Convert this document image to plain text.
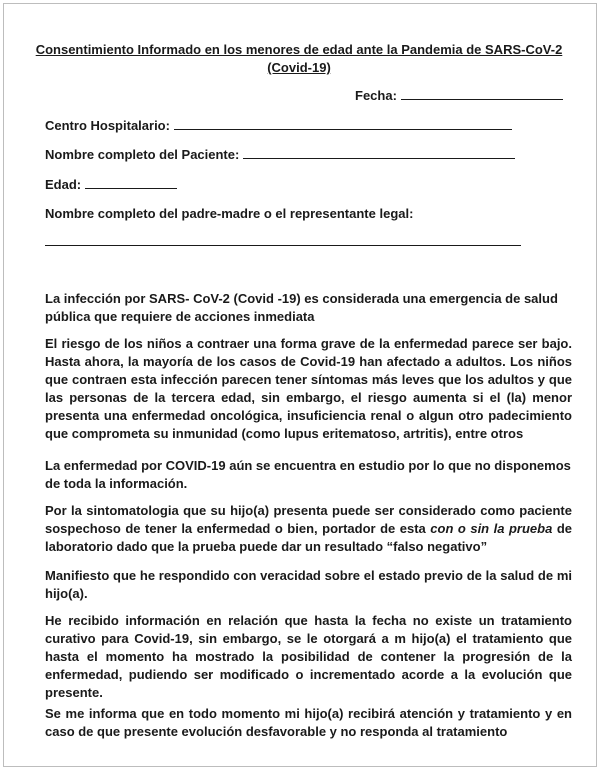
Consentimiento Informado en los menores de edad ante la Pandemia de SARS-CoV-2 (Covid-19)
Fecha:
Centro Hospitalario:
Nombre completo del Paciente:
Edad:
Nombre completo del padre-madre o el representante legal:

La infección por SARS- CoV-2 (Covid -19) es considerada una emergencia de salud pública que requiere de acciones inmediata

El riesgo de los niños a contraer una forma grave de la enfermedad parece ser bajo. Hasta ahora, la mayoría de los casos de Covid-19 han afectado a adultos. Los niños que contraen esta infección parecen tener síntomas más leves que los adultos y que las personas de la tercera edad, sin embargo, el riesgo aumenta si el (la) menor presenta una enfermedad oncológica, insuficiencia renal o algun otro padecimiento que comprometa su inmunidad (como lupus eritematoso, artritis), entre otros

La enfermedad por COVID-19 aún se encuentra en estudio por lo que no disponemos de toda la información.

Por la sintomatologia que su hijo(a) presenta puede ser considerado como paciente sospechoso de tener la enfermedad o bien, portador de esta con o sin la prueba de laboratorio dado que la prueba puede dar un resultado “falso negativo”

Manifiesto que he respondido con veracidad sobre el estado previo de la salud de mi hijo(a).

He recibido información en relación que hasta la fecha no existe un tratamiento curativo para Covid-19, sin embargo, se le otorgará a m hijo(a) el tratamiento que hasta el momento ha mostrado la posibilidad de contener la progresión de la enfermedad, pudiendo ser modificado o incrementado acorde a la evolución que presente.

Se me informa que en todo momento mi hijo(a) recibirá atención y tratamiento y en caso de que presente evolución desfavorable y no responda al tratamiento
